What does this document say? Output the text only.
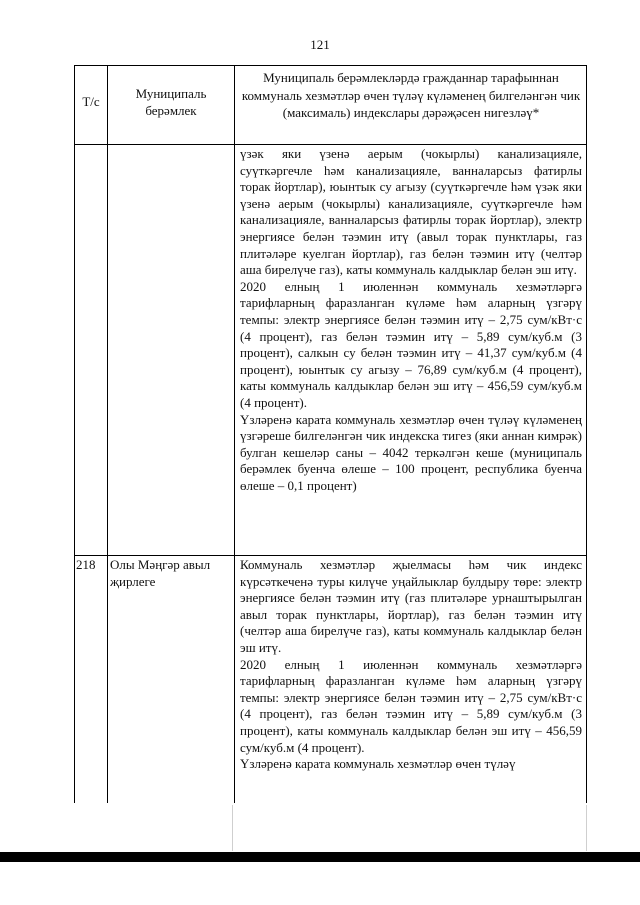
121
Т/с
Муниципаль берәмлек
Муниципаль берәмлекләрдә гражданнар тарафыннан коммуналь хезмәтләр өчен түләү күләменең билгеләнгән чик (максималь) индекслары дәрәҗәсен нигезләү*

үзәк яки үзенә аерым (чокырлы) канализацияле, суүткәргечле һәм канализацияле, ванналарсыз фатирлы торак йортлар), юынтык су агызу (суүткәргечле һәм үзәк яки үзенә аерым (чокырлы) канализацияле, суүткәргечле һәм канализацияле, ванналарсыз фатирлы торак йортлар), электр энергиясе белән тәэмин итү (авыл торак пунктлары, газ плитәләре куелган йортлар), газ белән тәэмин итү (челтәр аша бирелүче газ), каты коммуналь калдыклар белән эш итү.

2020 елның 1 июленнән коммуналь хезмәтләргә тарифларның фаразланган күләме һәм аларның үзгәрү темпы: электр энергиясе белән тәэмин итү – 2,75 сум/кВт·с (4 процент), газ белән тәэмин итү – 5,89 сум/куб.м (3 процент), салкын су белән тәэмин итү – 41,37 сум/куб.м (4 процент), юынтык су агызу – 76,89 сум/куб.м (4 процент), каты коммуналь калдыклар белән эш итү – 456,59 сум/куб.м (4 процент).

Үзләренә карата коммуналь хезмәтләр өчен түләү күләменең үзгәреше билгеләнгән чик индекска тигез (яки аннан кимрәк) булган кешеләр саны – 4042 теркәлгән кеше (муниципаль берәмлек буенча өлеше – 100 процент, республика буенча өлеше – 0,1 процент)

218	Олы Мәңгәр авыл җирлеге

Коммуналь хезмәтләр җыелмасы һәм чик индекс күрсәткеченә туры килүче уңайлыклар булдыру төре: электр энергиясе белән тәэмин итү (газ плитәләре урнаштырылган авыл торак пунктлары, йортлар), газ белән тәэмин итү (челтәр аша бирелүче газ), каты коммуналь калдыклар белән эш итү.

2020 елның 1 июленнән коммуналь хезмәтләргә тарифларның фаразланган күләме һәм аларның үзгәрү темпы: электр энергиясе белән тәэмин итү – 2,75 сум/кВт·с (4 процент), газ белән тәэмин итү – 5,89 сум/куб.м (3 процент), каты коммуналь калдыклар белән эш итү – 456,59 сум/куб.м (4 процент).

Үзләренә карата коммуналь хезмәтләр өчен түләү
